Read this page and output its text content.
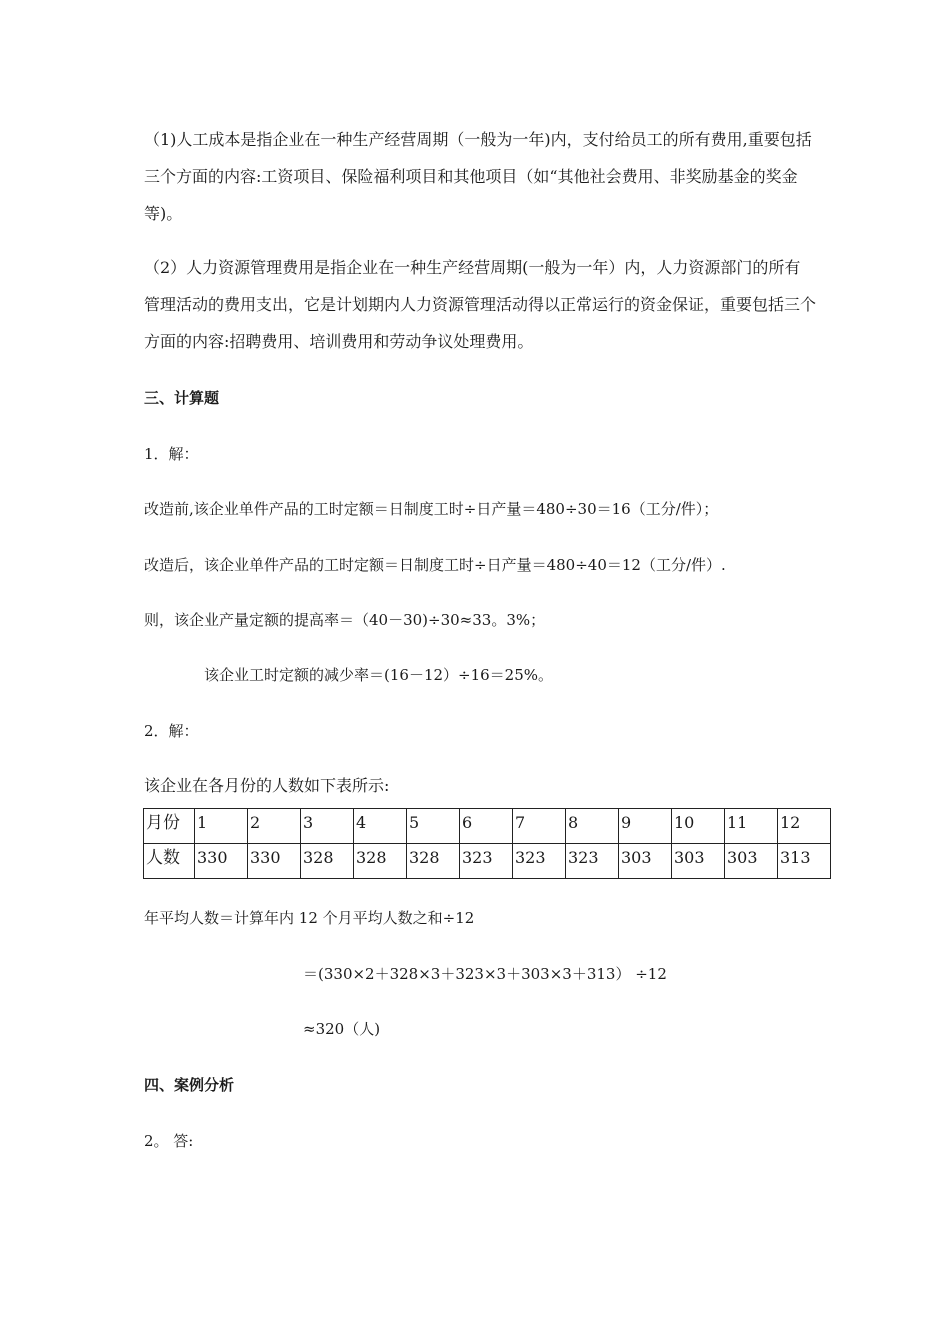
（1)人工成本是指企业在一种生产经营周期（一般为一年)内，支付给员工的所有费用,重要包括三个方面的内容:工资项目、保险福利项目和其他项目（如“其他社会费用、非奖励基金的奖金等)。
（2）人力资源管理费用是指企业在一种生产经营周期(一般为一年）内，人力资源部门的所有管理活动的费用支出，它是计划期内人力资源管理活动得以正常运行的资金保证，重要包括三个方面的内容:招聘费用、培训费用和劳动争议处理费用。
三、计算题
1．解：
改造前,该企业单件产品的工时定额＝日制度工时÷日产量＝480÷30＝16（工分/件）；
改造后，该企业单件产品的工时定额＝日制度工时÷日产量＝480÷40＝12（工分/件）.
则，该企业产量定额的提高率＝（40－30)÷30≈33。3%；
该企业工时定额的减少率＝(16－12）÷16＝25%。
2．解：
该企业在各月份的人数如下表所示:
月份	1	2	3	4	5	6	7	8	9	10	11	12
人数	330	330	328	328	328	323	323	323	303	303	303	313
年平均人数＝计算年内 12 个月平均人数之和÷12
＝(330×2＋328×3＋323×3＋303×3＋313） ÷12
≈320（人)
四、案例分析
2。 答:
